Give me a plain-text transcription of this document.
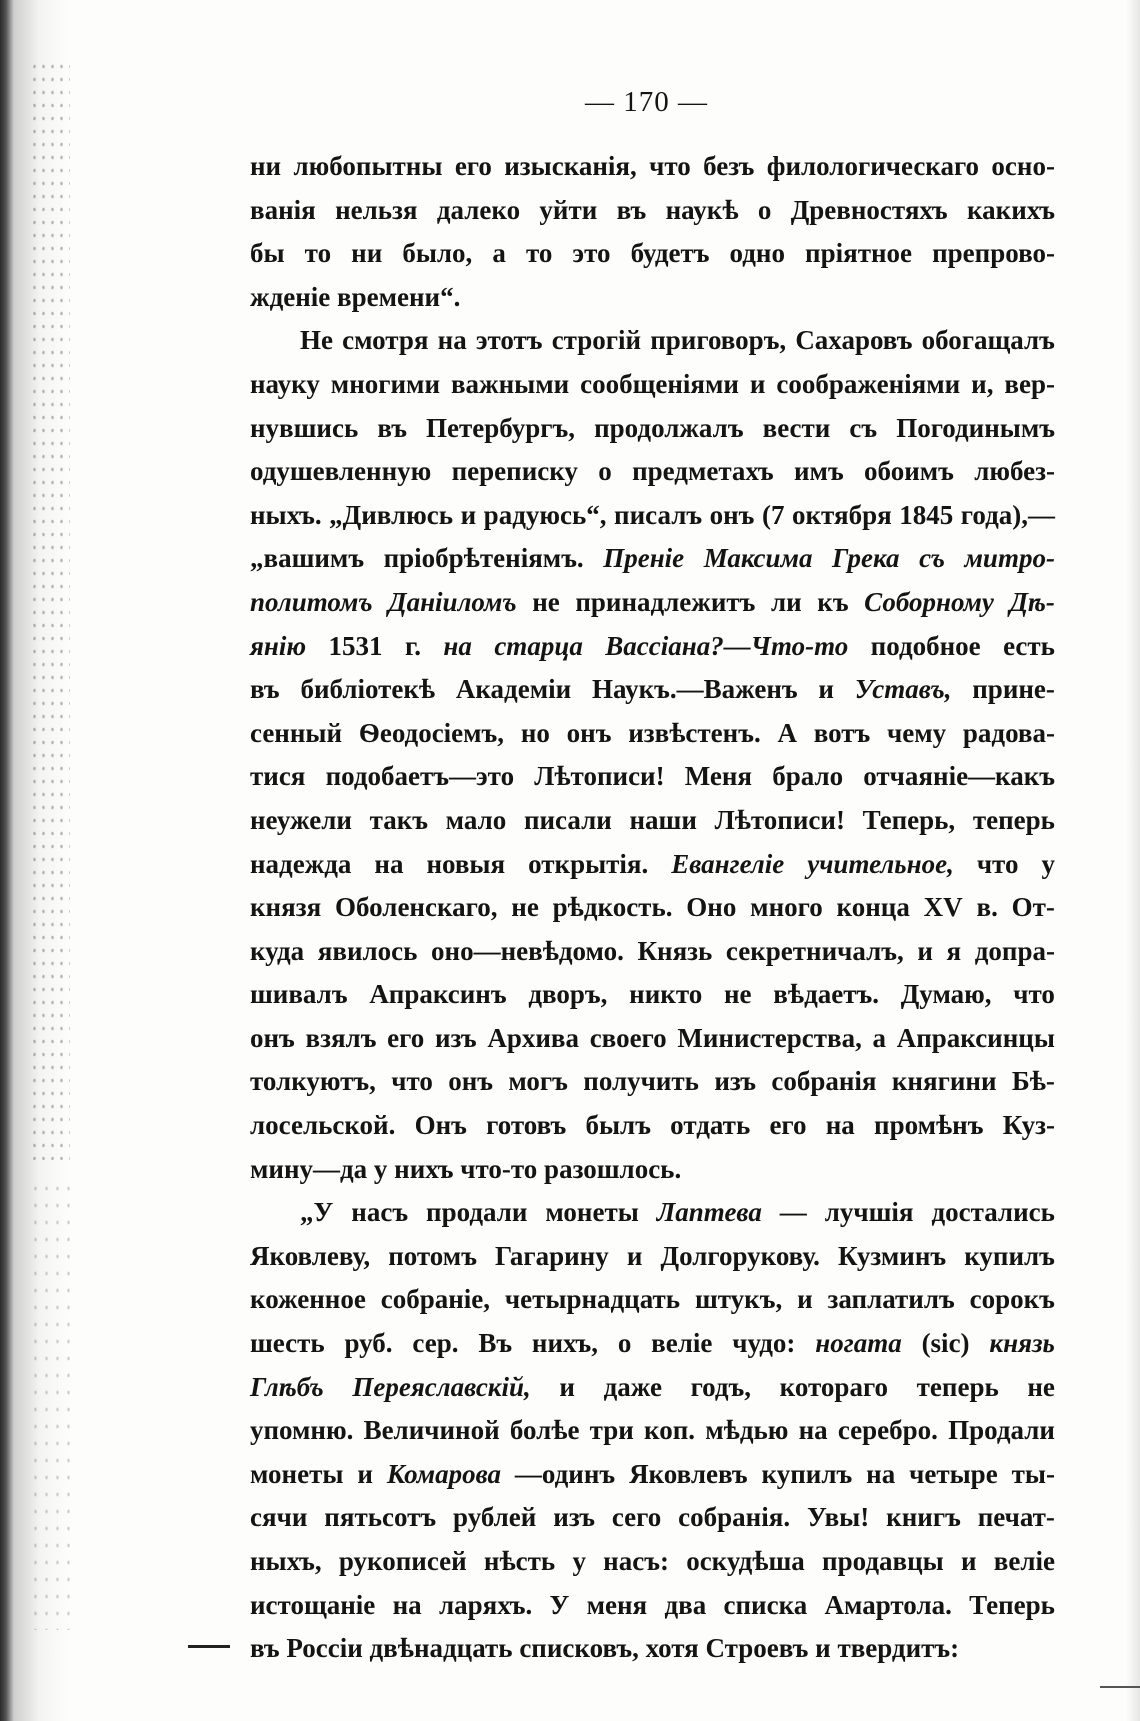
— 170 —
ни любопытны его изысканія, что безъ филологическаго осно-
ванія нельзя далеко уйти въ наукѣ о Древностяхъ какихъ
бы то ни было, а то это будетъ одно пріятное препрово-
жденіе времени“.
Не смотря на этотъ строгій приговоръ, Сахаровъ обогащалъ
науку многими важными сообщеніями и соображеніями и, вер-
нувшись въ Петербургъ, продолжалъ вести съ Погодинымъ
одушевленную переписку о предметахъ имъ обоимъ любез-
ныхъ. „Дивлюсь и радуюсь“, писалъ онъ (7 октября 1845 года),—
„вашимъ пріобрѣтеніямъ. Преніе Максима Грека съ митро-
политомъ Даніиломъ не принадлежитъ ли къ Соборному Дѣ-
янію 1531 г. на старца Вассіана?—Что-то подобное есть
въ библіотекѣ Академіи Наукъ.—Важенъ и Уставъ, прине-
сенный Ѳеодосіемъ, но онъ извѣстенъ. А вотъ чему радова-
тися подобаетъ—это Лѣтописи! Меня брало отчаяніе—какъ
неужели такъ мало писали наши Лѣтописи! Теперь, теперь
надежда на новыя открытія. Евангеліе учительное, что у
князя Оболенскаго, не рѣдкость. Оно много конца XV в. От-
куда явилось оно—невѣдомо. Князь секретничалъ, и я допра-
шивалъ Апраксинъ дворъ, никто не вѣдаетъ. Думаю, что
онъ взялъ его изъ Архива своего Министерства, а Апраксинцы
толкуютъ, что онъ могъ получить изъ собранія княгини Бѣ-
лосельской. Онъ готовъ былъ отдать его на промѣнъ Куз-
мину—да у нихъ что-то разошлось.
„У насъ продали монеты Лаптева — лучшія достались
Яковлеву, потомъ Гагарину и Долгорукову. Кузминъ купилъ
коженное собраніе, четырнадцать штукъ, и заплатилъ сорокъ
шесть руб. сер. Въ нихъ, о веліе чудо: ногата (sic) князь
Глѣбъ Переяславскій, и даже годъ, котораго теперь не
упомню. Величиной болѣе три коп. мѣдью на серебро. Продали
монеты и Комарова —одинъ Яковлевъ купилъ на четыре ты-
сячи пятьсотъ рублей изъ сего собранія. Увы! книгъ печат-
ныхъ, рукописей нѣсть у насъ: оскудѣша продавцы и веліе
истощаніе на ларяхъ. У меня два списка Амартола. Теперь
въ Россіи двѣнадцать списковъ, хотя Строевъ и твердитъ:
